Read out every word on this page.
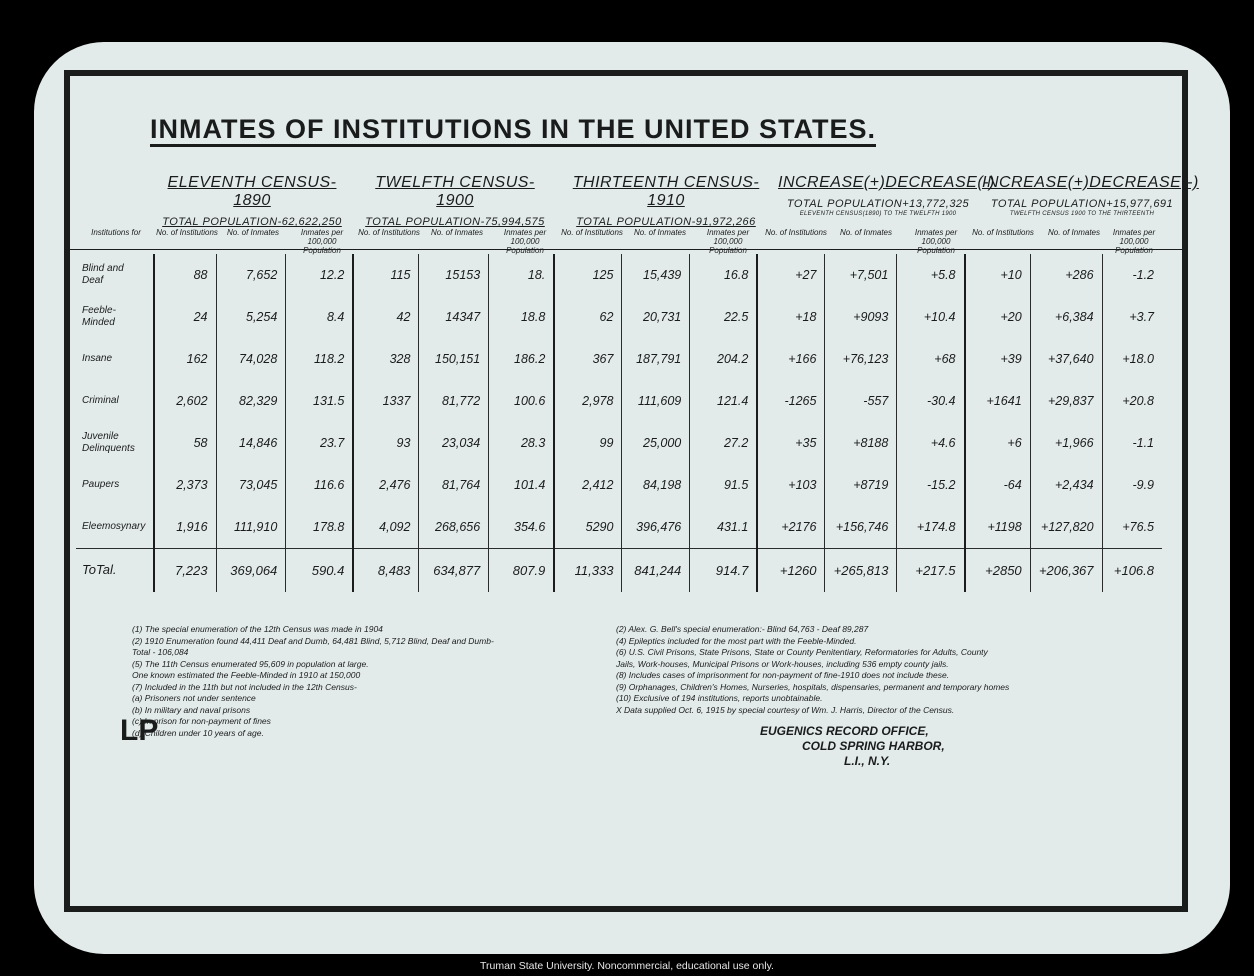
INMATES OF INSTITUTIONS IN THE UNITED STATES.
ELEVENTH CENSUS-1890
TOTAL POPULATION-62,622,250
TWELFTH CENSUS-1900
TOTAL POPULATION-75,994,575
THIRTEENTH CENSUS-1910
TOTAL POPULATION-91,972,266
INCREASE(+)DECREASE(-)
TOTAL POPULATION+13,772,325
ELEVENTH CENSUS(1890) TO THE TWELFTH 1900
INCREASE(+)DECREASE(-)
TOTAL POPULATION+15,977,691
TWELFTH CENSUS 1900 TO THE THIRTEENTH
Institutions for	No. of Institutions	No. of Inmates	Inmates per 100,000 Population
No. of Institutions	No. of Inmates	Inmates per 100,000 Population
No. of Institutions	No. of Inmates	Inmates per 100,000 Population
No. of Institutions	No. of Inmates	Inmates per 100,000 Population
No. of Institutions	No. of Inmates	Inmates per 100,000 Population
Blind and Deaf	88	7,652	12.2	115	15153	18.	125	15,439	16.8	+27	+7,501	+5.8	+10	+286	-1.2
Feeble-Minded	24	5,254	8.4	42	14347	18.8	62	20,731	22.5	+18	+9093	+10.4	+20	+6,384	+3.7
Insane	162	74,028	118.2	328	150,151	186.2	367	187,791	204.2	+166	+76,123	+68	+39	+37,640	+18.0
Criminal	2,602	82,329	131.5	1337	81,772	100.6	2,978	111,609	121.4	-1265	-557	-30.4	+1641	+29,837	+20.8
Juvenile Delinquents	58	14,846	23.7	93	23,034	28.3	99	25,000	27.2	+35	+8188	+4.6	+6	+1,966	-1.1
Paupers	2,373	73,045	116.6	2,476	81,764	101.4	2,412	84,198	91.5	+103	+8719	-15.2	-64	+2,434	-9.9
Eleemosynary	1,916	111,910	178.8	4,092	268,656	354.6	5290	396,476	431.1	+2176	+156,746	+174.8	+1198	+127,820	+76.5
ToTal.	7,223	369,064	590.4	8,483	634,877	807.9	11,333	841,244	914.7	+1260	+265,813	+217.5	+2850	+206,367	+106.8
(1) The special enumeration of the 12th Census was made in 1904
(2) 1910 Enumeration found 44,411 Deaf and Dumb, 64,481 Blind, 5,712 Blind, Deaf and Dumb-
Total - 106,084
(5) The 11th Census enumerated 95,609 in population at large.
One known estimated the Feeble-Minded in 1910 at 150,000
(7) Included in the 11th but not included in the 12th Census-
(a) Prisoners not under sentence
(b) In military and naval prisons
(c) In prison for non-payment of fines
(d) Children under 10 years of age.
(2) Alex. G. Bell's special enumeration:- Blind 64,763 - Deaf 89,287
(4) Epileptics included for the most part with the Feeble-Minded.
(6) U.S. Civil Prisons, State Prisons, State or County Penitentiary, Reformatories for Adults, County
Jails, Work-houses, Municipal Prisons or Work-houses, including 536 empty county jails.
(8) Includes cases of imprisonment for non-payment of fine-1910 does not include these.
(9) Orphanages, Children's Homes, Nurseries, hospitals, dispensaries, permanent and temporary homes
(10) Exclusive of 194 institutions, reports unobtainable.
X Data supplied Oct. 6, 1915 by special courtesy of Wm. J. Harris, Director of the Census.
LP	EUGENICS RECORD OFFICE,
COLD SPRING HARBOR,
L.I., N.Y.
Truman State University. Noncommercial, educational use only.
